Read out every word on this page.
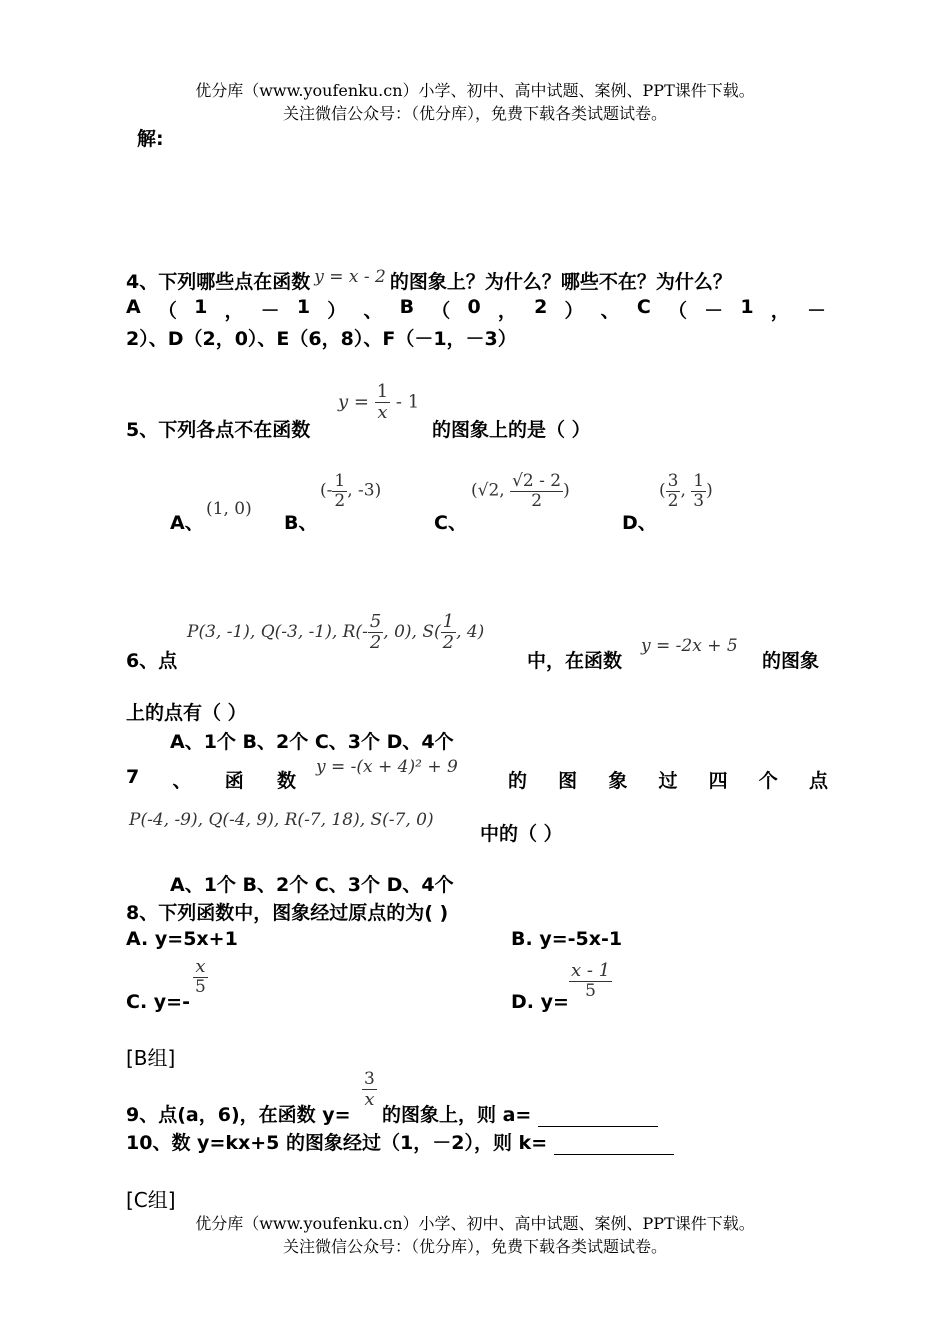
优分库（www.youfenku.cn）小学、初中、高中试题、案例、PPT课件下载。
关注微信公众号：（优分库），免费下载各类试题试卷。
解:
4、下列哪些点在函数 y = x - 2 的图象上？为什么？哪些不在？为什么？
A （ 1 ， － 1 ） 、 B （ 0 ， 2 ） 、 C （ － 1 ， －
2）、D（2，0）、E（6，8）、F（－1，－3）
5、下列各点不在函数
$y = \frac{1}{x} - 1$
的图象上的是（ ）
A、
(1, 0)
B、
(- $\frac{1}{2}$ , -3)
C、
(√2, $\frac{√2 - 2}{2}$ )
D、
( $\frac{3}{2}$ , $\frac{1}{3}$ )
6、点
P(3, -1), Q(-3, -1), $R(- \frac{5}{2}$ , 0), $S( \frac{1}{2}$ , 4)
中，在函数
y = -2x + 5
的图象
上的点有（ ）
A、1个 B、2个 C、3个 D、4个
7 、 函 数
y = -(x + 4)² + 9
的 图 象 过 四 个 点
P(-4, -9), Q(-4, 9), R(-7, 18), S(-7, 0)
中的（ ）
A、1个 B、2个 C、3个 D、4个
8、下列函数中，图象经过原点的为( )
A. y=5x+1	B. y=-5x-1
C. y=-
$\frac{x}{5}$
D. y=
$\frac{x - 1}{5}$
[B组]
9、点(a，6)，在函数 y=
$\frac{3}{x}$
的图象上，则 a=
10、数 y=kx+5 的图象经过（1，－2），则 k=
[C组]
优分库（www.youfenku.cn）小学、初中、高中试题、案例、PPT课件下载。
关注微信公众号：（优分库），免费下载各类试题试卷。
